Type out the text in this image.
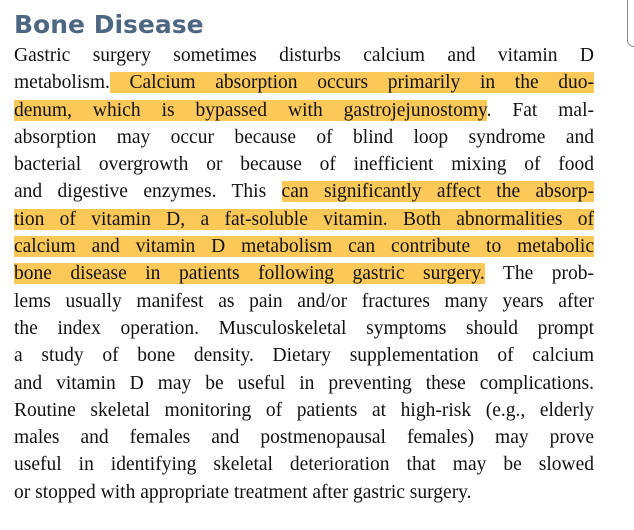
Bone Disease
Gastric surgery sometimes disturbs calcium and vitamin D
metabolism. Calcium absorption occurs primarily in the duo-
denum, which is bypassed with gastrojejunostomy. Fat mal-
absorption may occur because of blind loop syndrome and
bacterial overgrowth or because of inefficient mixing of food
and digestive enzymes. This can significantly affect the absorp-
tion of vitamin D, a fat-soluble vitamin. Both abnormalities of
calcium and vitamin D metabolism can contribute to metabolic
bone disease in patients following gastric surgery. The prob-
lems usually manifest as pain and/or fractures many years after
the index operation. Musculoskeletal symptoms should prompt
a study of bone density. Dietary supplementation of calcium
and vitamin D may be useful in preventing these complications.
Routine skeletal monitoring of patients at high-risk (e.g., elderly
males and females and postmenopausal females) may prove
useful in identifying skeletal deterioration that may be slowed
or stopped with appropriate treatment after gastric surgery.
